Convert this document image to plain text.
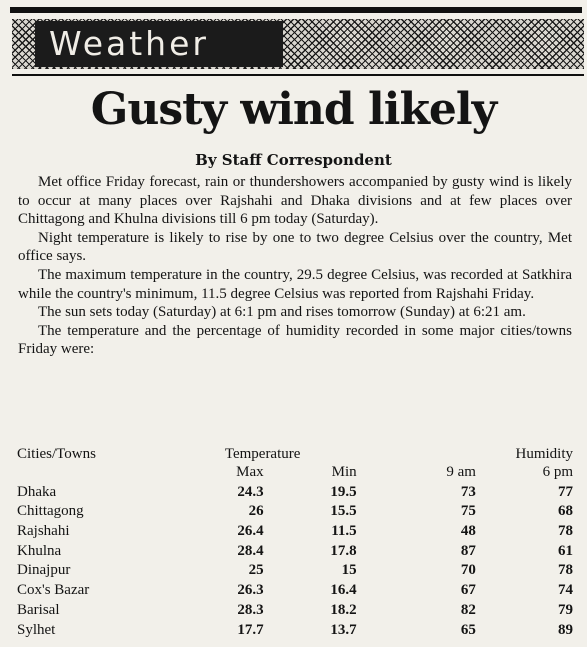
Weather
Gusty wind likely
By Staff Correspondent

Met office Friday forecast, rain or thundershowers accompanied by gusty wind is likely to occur at many places over Rajshahi and Dhaka divisions and at few places over Chittagong and Khulna divisions till 6 pm today (Saturday).

Night temperature is likely to rise by one to two degree Celsius over the country, Met office says.

The maximum temperature in the country, 29.5 degree Celsius, was recorded at Satkhira while the country's minimum, 11.5 degree Celsius was reported from Rajshahi Friday.

The sun sets today (Saturday) at 6:1 pm and rises tomorrow (Sunday) at 6:21 am.

The temperature and the percentage of humidity recorded in some major cities/towns Friday were:

Cities/Towns	Temperature		Humidity	
	Max	Min	9 am	6 pm
Dhaka	24.3	19.5	73	77
Chittagong	26	15.5	75	68
Rajshahi	26.4	11.5	48	78
Khulna	28.4	17.8	87	61
Dinajpur	25	15	70	78
Cox's Bazar	26.3	16.4	67	74
Barisal	28.3	18.2	82	79
Sylhet	17.7	13.7	65	89
